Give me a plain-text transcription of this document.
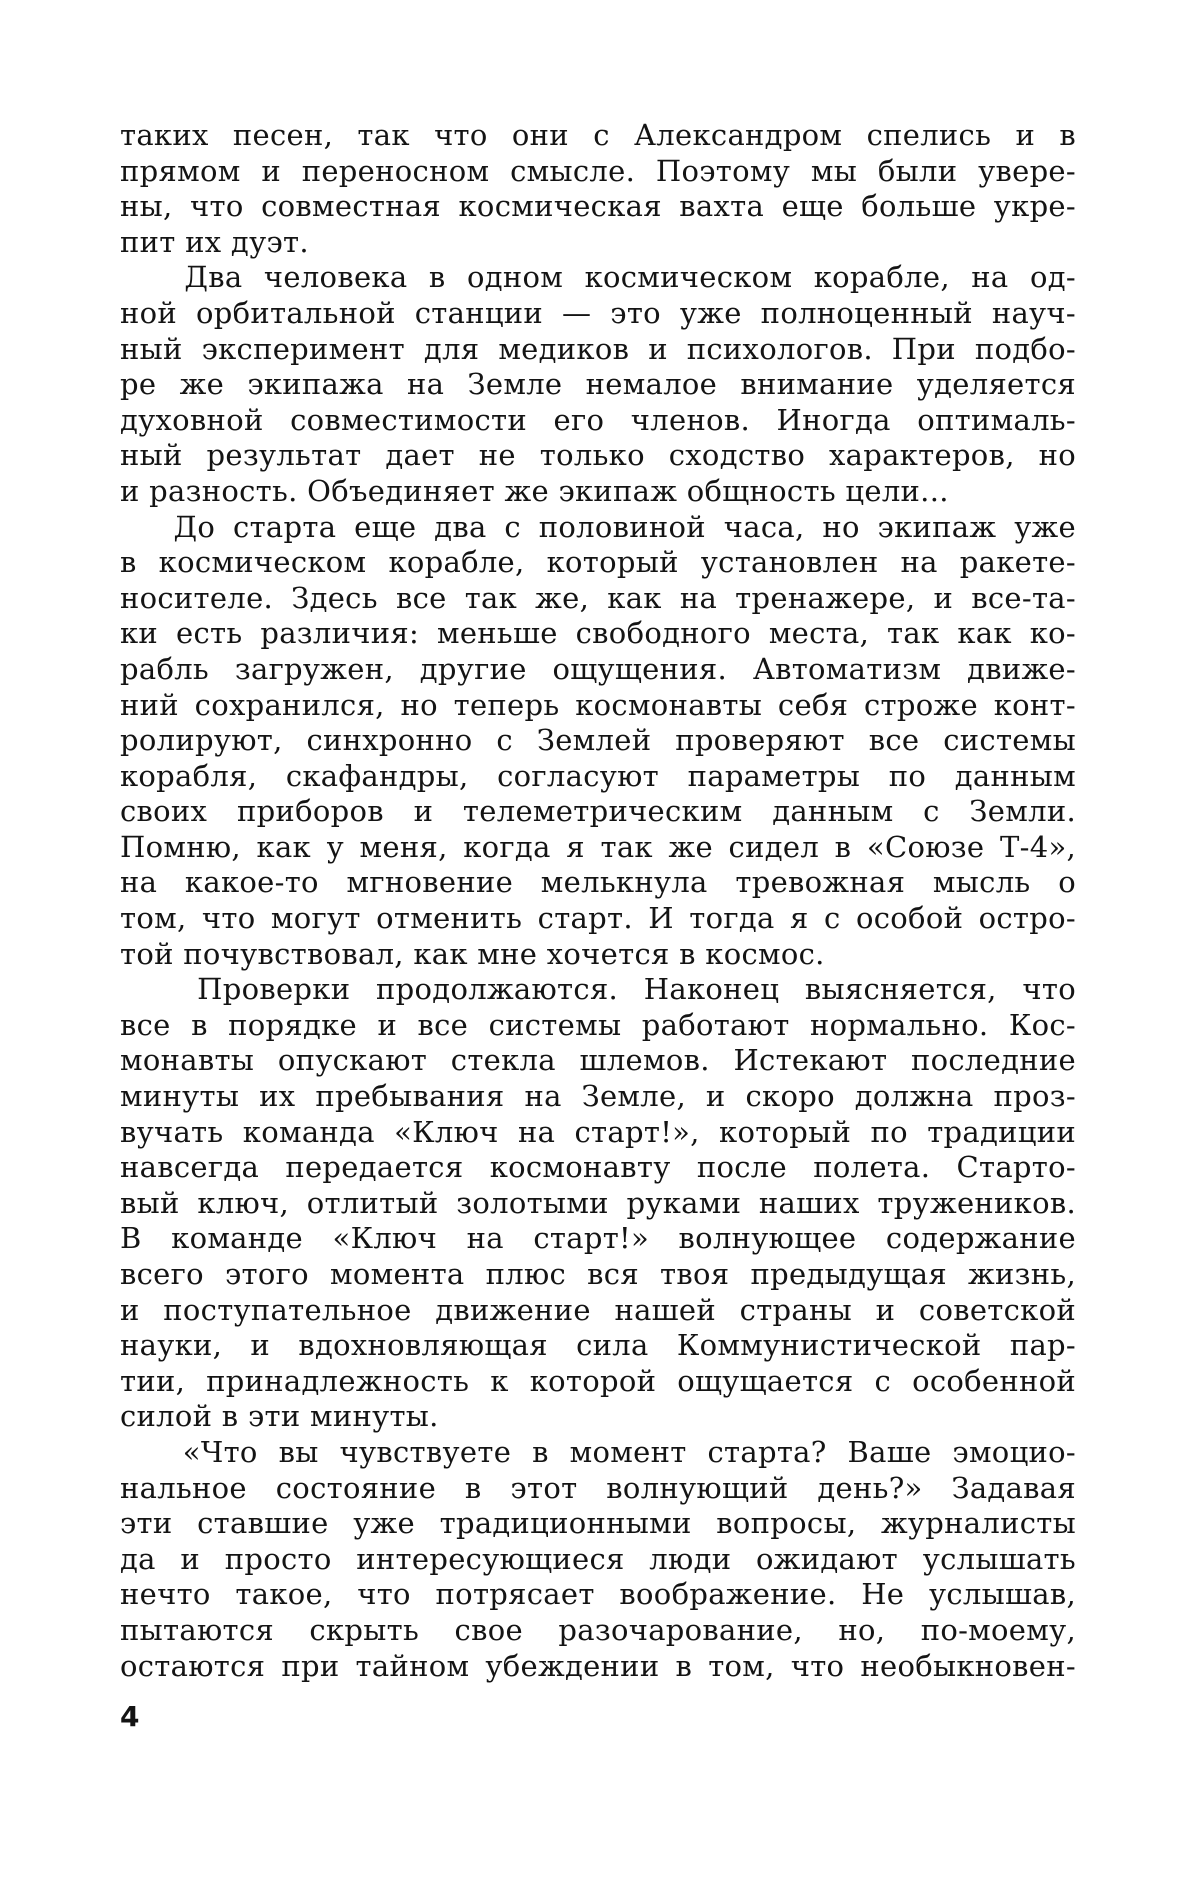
таких песен, так что они с Александром спелись и в
прямом и переносном смысле. Поэтому мы были увере-
ны, что совместная космическая вахта еще больше укре-
пит их дуэт.
Два человека в одном космическом корабле, на од-
ной орбитальной станции — это уже полноценный науч-
ный эксперимент для медиков и психологов. При подбо-
ре же экипажа на Земле немалое внимание уделяется
духовной совместимости его членов. Иногда оптималь-
ный результат дает не только сходство характеров, но
и разность. Объединяет же экипаж общность цели...
До старта еще два с половиной часа, но экипаж уже
в космическом корабле, который установлен на ракете-
носителе. Здесь все так же, как на тренажере, и все-та-
ки есть различия: меньше свободного места, так как ко-
рабль загружен, другие ощущения. Автоматизм движе-
ний сохранился, но теперь космонавты себя строже конт-
ролируют, синхронно с Землей проверяют все системы
корабля, скафандры, согласуют параметры по данным
своих приборов и телеметрическим данным с Земли.
Помню, как у меня, когда я так же сидел в «Союзе Т-4»,
на какое-то мгновение мелькнула тревожная мысль о
том, что могут отменить старт. И тогда я с особой остро-
той почувствовал, как мне хочется в космос.
Проверки продолжаются. Наконец выясняется, что
все в порядке и все системы работают нормально. Кос-
монавты опускают стекла шлемов. Истекают последние
минуты их пребывания на Земле, и скоро должна проз-
вучать команда «Ключ на старт!», который по традиции
навсегда передается космонавту после полета. Старто-
вый ключ, отлитый золотыми руками наших тружеников.
В команде «Ключ на старт!» волнующее содержание
всего этого момента плюс вся твоя предыдущая жизнь,
и поступательное движение нашей страны и советской
науки, и вдохновляющая сила Коммунистической пар-
тии, принадлежность к которой ощущается с особенной
силой в эти минуты.
«Что вы чувствуете в момент старта? Ваше эмоцио-
нальное состояние в этот волнующий день?» Задавая
эти ставшие уже традиционными вопросы, журналисты
да и просто интересующиеся люди ожидают услышать
нечто такое, что потрясает воображение. Не услышав,
пытаются скрыть свое разочарование, но, по-моему,
остаются при тайном убеждении в том, что необыкновен-
4
